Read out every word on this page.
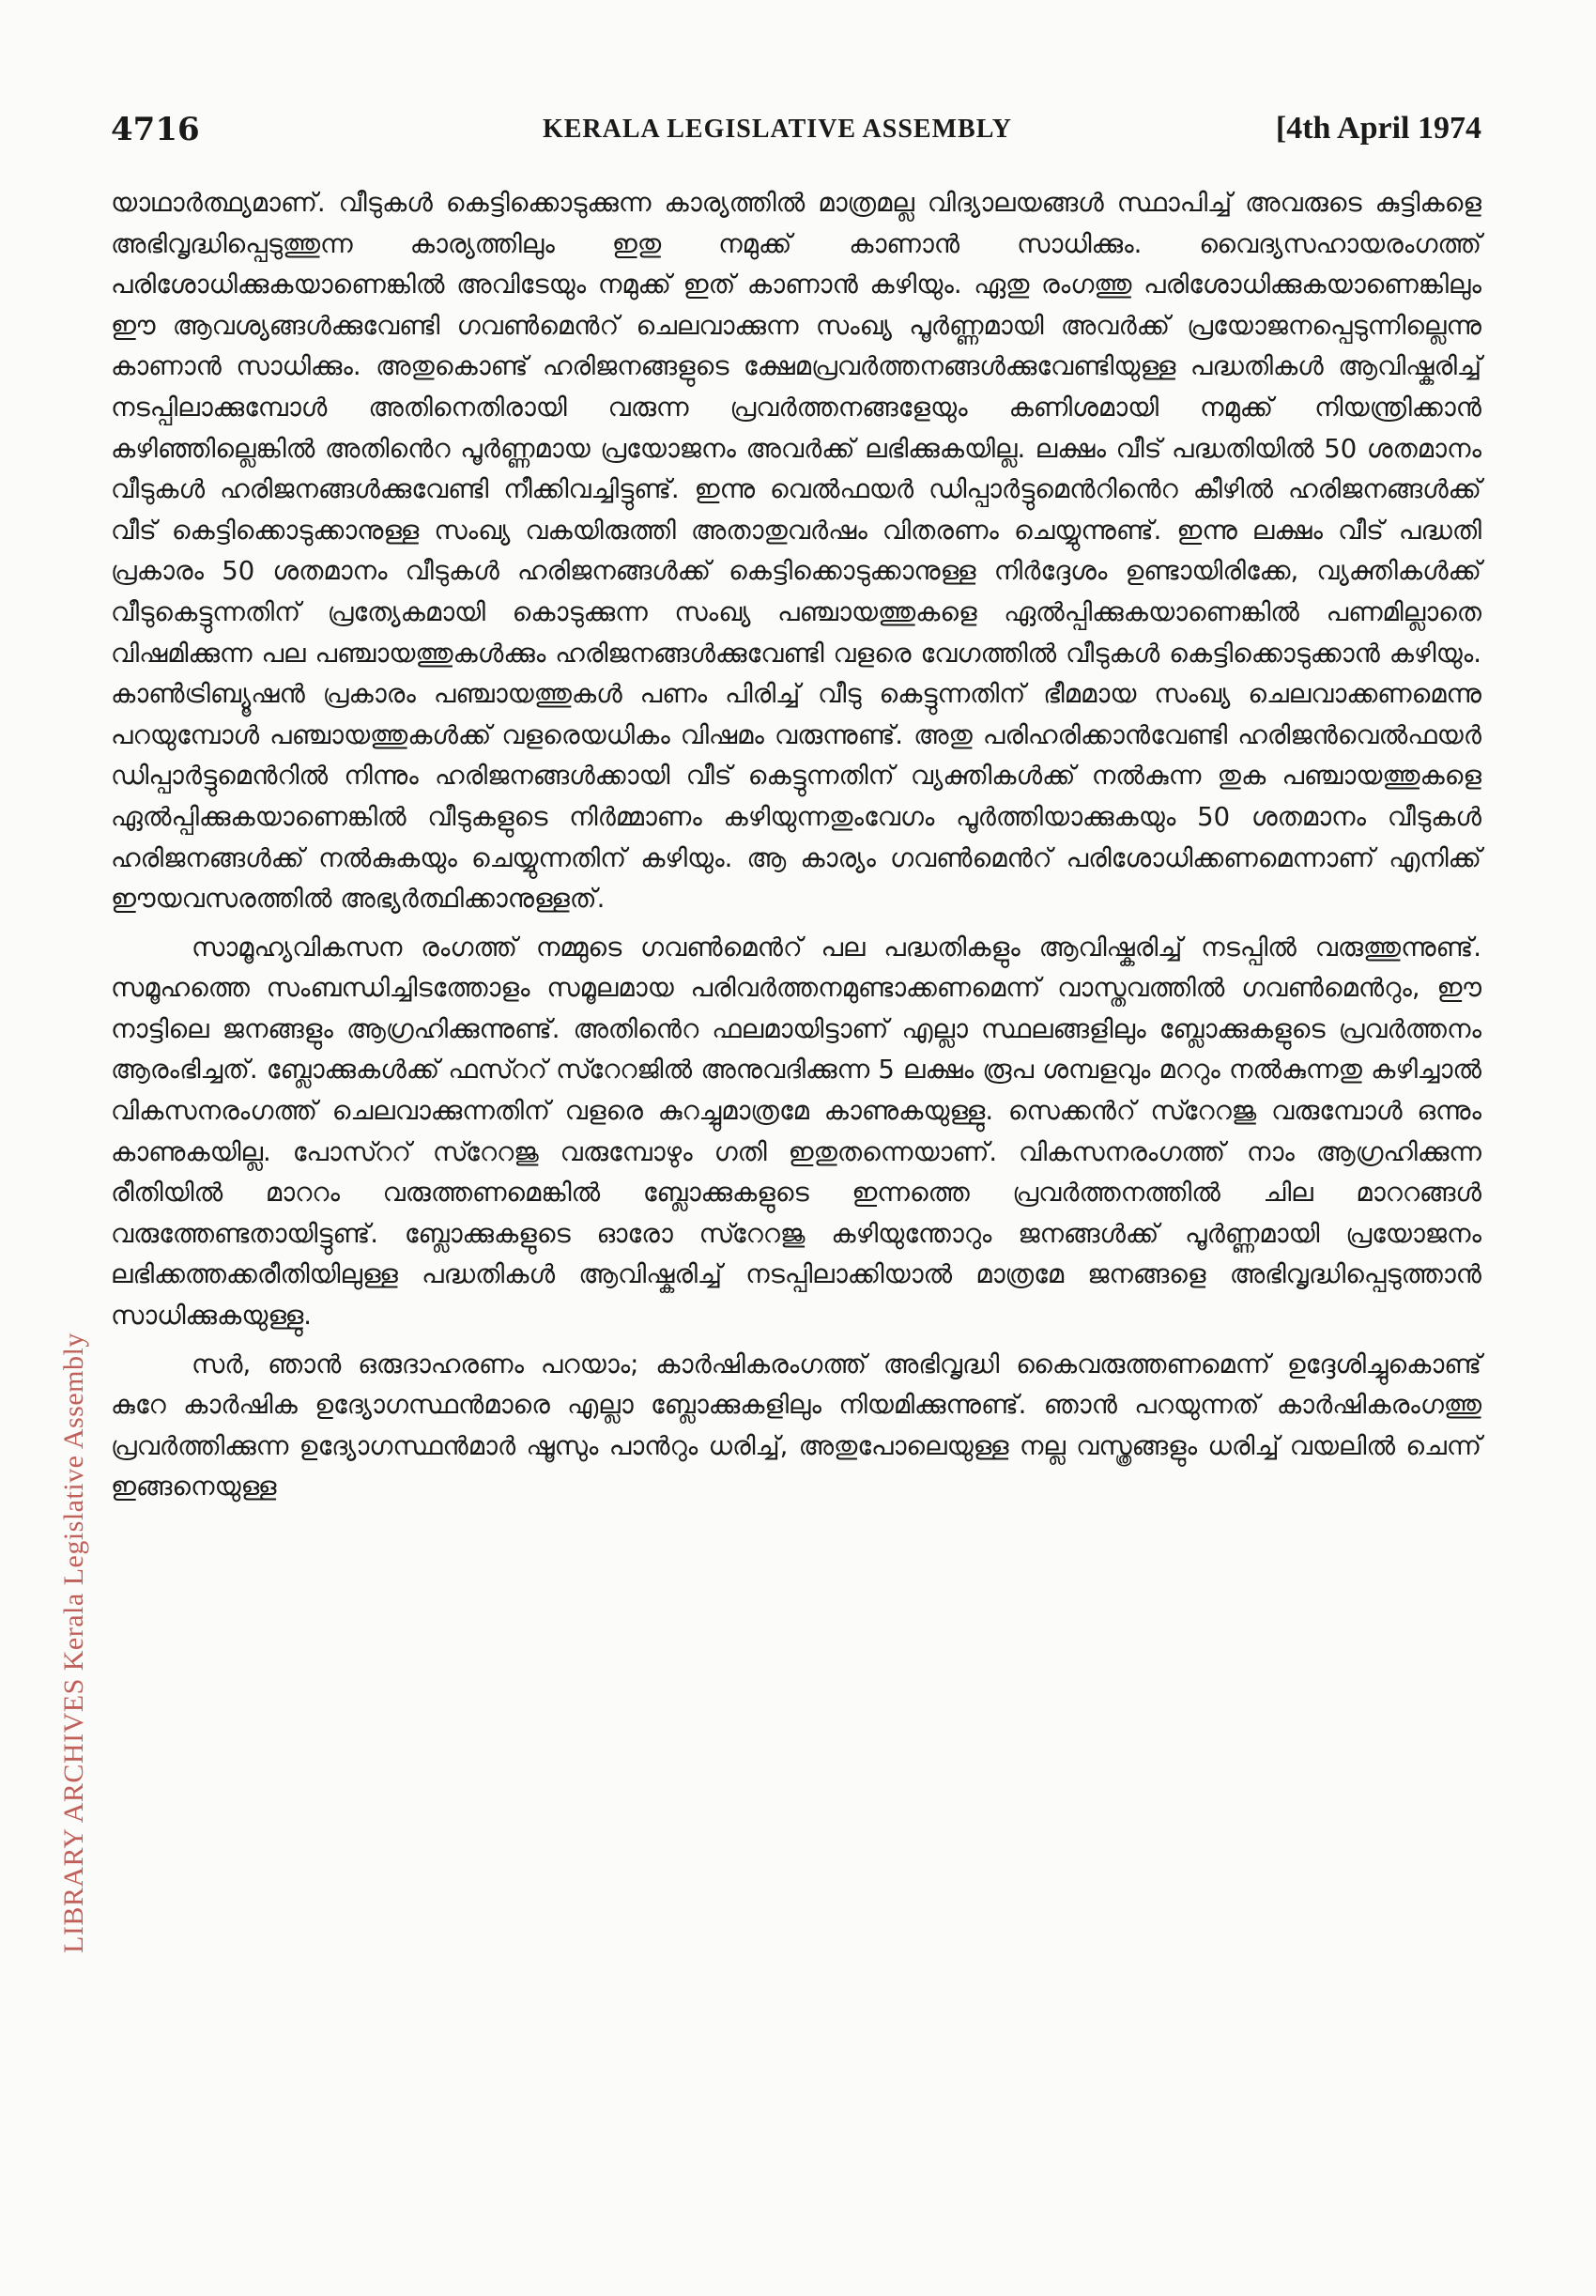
4716	KERALA LEGISLATIVE ASSEMBLY	[4th April 1974
LIBRARY ARCHIVES Kerala Legislative Assembly

യാഥാർത്ഥ്യമാണ്. വീടുകൾ കെട്ടിക്കൊടുക്കുന്ന കാര്യത്തിൽ മാത്രമല്ല വിദ്യാലയങ്ങൾ സ്ഥാപിച്ച് അവരുടെ കുട്ടികളെ അഭിവൃദ്ധിപ്പെടുത്തുന്ന കാര്യത്തിലും ഇതു നമുക്ക് കാണാൻ സാധിക്കും. വൈദ്യസഹായരംഗത്ത് പരിശോധിക്കുകയാണെങ്കിൽ അവിടേയും നമുക്ക് ഇത് കാണാൻ കഴിയും. ഏതു രംഗത്തു പരിശോധിക്കുകയാണെങ്കിലും ഈ ആവശ്യങ്ങൾക്കുവേണ്ടി ഗവൺമെൻറ് ചെലവാക്കുന്ന സംഖ്യ പൂർണ്ണമായി അവർക്ക് പ്രയോജനപ്പെടുന്നില്ലെന്നു കാണാൻ സാധിക്കും. അതുകൊണ്ട് ഹരിജനങ്ങളുടെ ക്ഷേമപ്രവർത്തനങ്ങൾക്കുവേണ്ടിയുള്ള പദ്ധതികൾ ആവിഷ്കരിച്ച് നടപ്പിലാക്കുമ്പോൾ അതിനെതിരായി വരുന്ന പ്രവർത്തനങ്ങളേയും കണിശമായി നമുക്ക് നിയന്ത്രിക്കാൻ കഴിഞ്ഞില്ലെങ്കിൽ അതിൻെറ പൂർണ്ണമായ പ്രയോജനം അവർക്ക് ലഭിക്കുകയില്ല. ലക്ഷം വീട് പദ്ധതിയിൽ 50 ശതമാനം വീടുകൾ ഹരിജനങ്ങൾക്കുവേണ്ടി നീക്കിവച്ചിട്ടുണ്ട്. ഇന്നു വെൽഫയർ ഡിപ്പാർട്ടുമെൻറിൻെറ കീഴിൽ ഹരിജനങ്ങൾക്ക് വീട് കെട്ടിക്കൊടുക്കാനുള്ള സംഖ്യ വകയിരുത്തി അതാതുവർഷം വിതരണം ചെയ്യുന്നുണ്ട്. ഇന്നു ലക്ഷം വീട് പദ്ധതി പ്രകാരം 50 ശതമാനം വീടുകൾ ഹരിജനങ്ങൾക്ക് കെട്ടിക്കൊടുക്കാനുള്ള നിർദ്ദേശം ഉണ്ടായിരിക്കേ, വ്യക്തികൾക്ക് വീടുകെട്ടുന്നതിന് പ്രത്യേകമായി കൊടുക്കുന്ന സംഖ്യ പഞ്ചായത്തുകളെ ഏൽപ്പിക്കുകയാണെങ്കിൽ പണമില്ലാതെ വിഷമിക്കുന്ന പല പഞ്ചായത്തുകൾക്കും ഹരിജനങ്ങൾക്കുവേണ്ടി വളരെ വേഗത്തിൽ വീടുകൾ കെട്ടിക്കൊടുക്കാൻ കഴിയും. കാൺട്രിബ്യൂഷൻ പ്രകാരം പഞ്ചായത്തുകൾ പണം പിരിച്ച് വീടു കെട്ടുന്നതിന് ഭീമമായ സംഖ്യ ചെലവാക്കണമെന്നു പറയുമ്പോൾ പഞ്ചായത്തുകൾക്ക് വളരെയധികം വിഷമം വരുന്നുണ്ട്. അതു പരിഹരിക്കാൻവേണ്ടി ഹരിജൻവെൽഫയർ ഡിപ്പാർട്ടുമെൻറിൽ നിന്നും ഹരിജനങ്ങൾക്കായി വീട് കെട്ടുന്നതിന് വ്യക്തികൾക്ക് നൽകുന്ന തുക പഞ്ചായത്തുകളെ ഏൽപ്പിക്കുകയാണെങ്കിൽ വീടുകളുടെ നിർമ്മാണം കഴിയുന്നതുംവേഗം പൂർത്തിയാക്കുകയും 50 ശതമാനം വീടുകൾ ഹരിജനങ്ങൾക്ക് നൽകുകയും ചെയ്യുന്നതിന് കഴിയും. ആ കാര്യം ഗവൺമെൻറ് പരിശോധിക്കണമെന്നാണ് എനിക്ക് ഈയവസരത്തിൽ അഭ്യർത്ഥിക്കാനുള്ളത്.

സാമൂഹ്യവികസന രംഗത്ത് നമ്മുടെ ഗവൺമെൻറ് പല പദ്ധതികളും ആവിഷ്കരിച്ച് നടപ്പിൽ വരുത്തുന്നുണ്ട്. സമൂഹത്തെ സംബന്ധിച്ചിടത്തോളം സമൂലമായ പരിവർത്തനമുണ്ടാക്കണമെന്ന് വാസ്തവത്തിൽ ഗവൺമെൻറും, ഈ നാട്ടിലെ ജനങ്ങളും ആഗ്രഹിക്കുന്നുണ്ട്. അതിൻെറ ഫലമായിട്ടാണ് എല്ലാ സ്ഥലങ്ങളിലും ബ്ലോക്കുകളുടെ പ്രവർത്തനം ആരംഭിച്ചത്. ബ്ലോക്കുകൾക്ക് ഫസ്ററ് സ്റേറജിൽ അനുവദിക്കുന്ന 5 ലക്ഷം രൂപ ശമ്പളവും മററും നൽകുന്നതു കഴിച്ചാൽ വികസനരംഗത്ത് ചെലവാക്കുന്നതിന് വളരെ കുറച്ചുമാത്രമേ കാണുകയുള്ളു. സെക്കൻറ് സ്റേറജു വരുമ്പോൾ ഒന്നും കാണുകയില്ല. പോസ്ററ് സ്റേറജു വരുമ്പോഴും ഗതി ഇതുതന്നെയാണ്. വികസനരംഗത്ത് നാം ആഗ്രഹിക്കുന്ന രീതിയിൽ മാററം വരുത്തണമെങ്കിൽ ബ്ലോക്കുകളുടെ ഇന്നത്തെ പ്രവർത്തനത്തിൽ ചില മാററങ്ങൾ വരുത്തേണ്ടതായിട്ടുണ്ട്. ബ്ലോക്കുകളുടെ ഓരോ സ്റേറജു കഴിയുന്തോറും ജനങ്ങൾക്ക് പൂർണ്ണമായി പ്രയോജനം ലഭിക്കത്തക്കരീതിയിലുള്ള പദ്ധതികൾ ആവിഷ്കരിച്ച് നടപ്പിലാക്കിയാൽ മാത്രമേ ജനങ്ങളെ അഭിവൃദ്ധിപ്പെടുത്താൻ സാധിക്കുകയുള്ളു.

സർ, ഞാൻ ഒരുദാഹരണം പറയാം; കാർഷികരംഗത്ത് അഭിവൃദ്ധി കൈവരുത്തണമെന്ന് ഉദ്ദേശിച്ചുകൊണ്ട് കുറേ കാർഷിക ഉദ്യോഗസ്ഥൻമാരെ എല്ലാ ബ്ലോക്കുകളിലും നിയമിക്കുന്നുണ്ട്. ഞാൻ പറയുന്നത് കാർഷികരംഗത്തു പ്രവർത്തിക്കുന്ന ഉദ്യോഗസ്ഥൻമാർ ഷൂസും പാൻറും ധരിച്ച്, അതുപോലെയുള്ള നല്ല വസ്ത്രങ്ങളും ധരിച്ച് വയലിൽ ചെന്ന് ഇങ്ങനെയുള്ള
